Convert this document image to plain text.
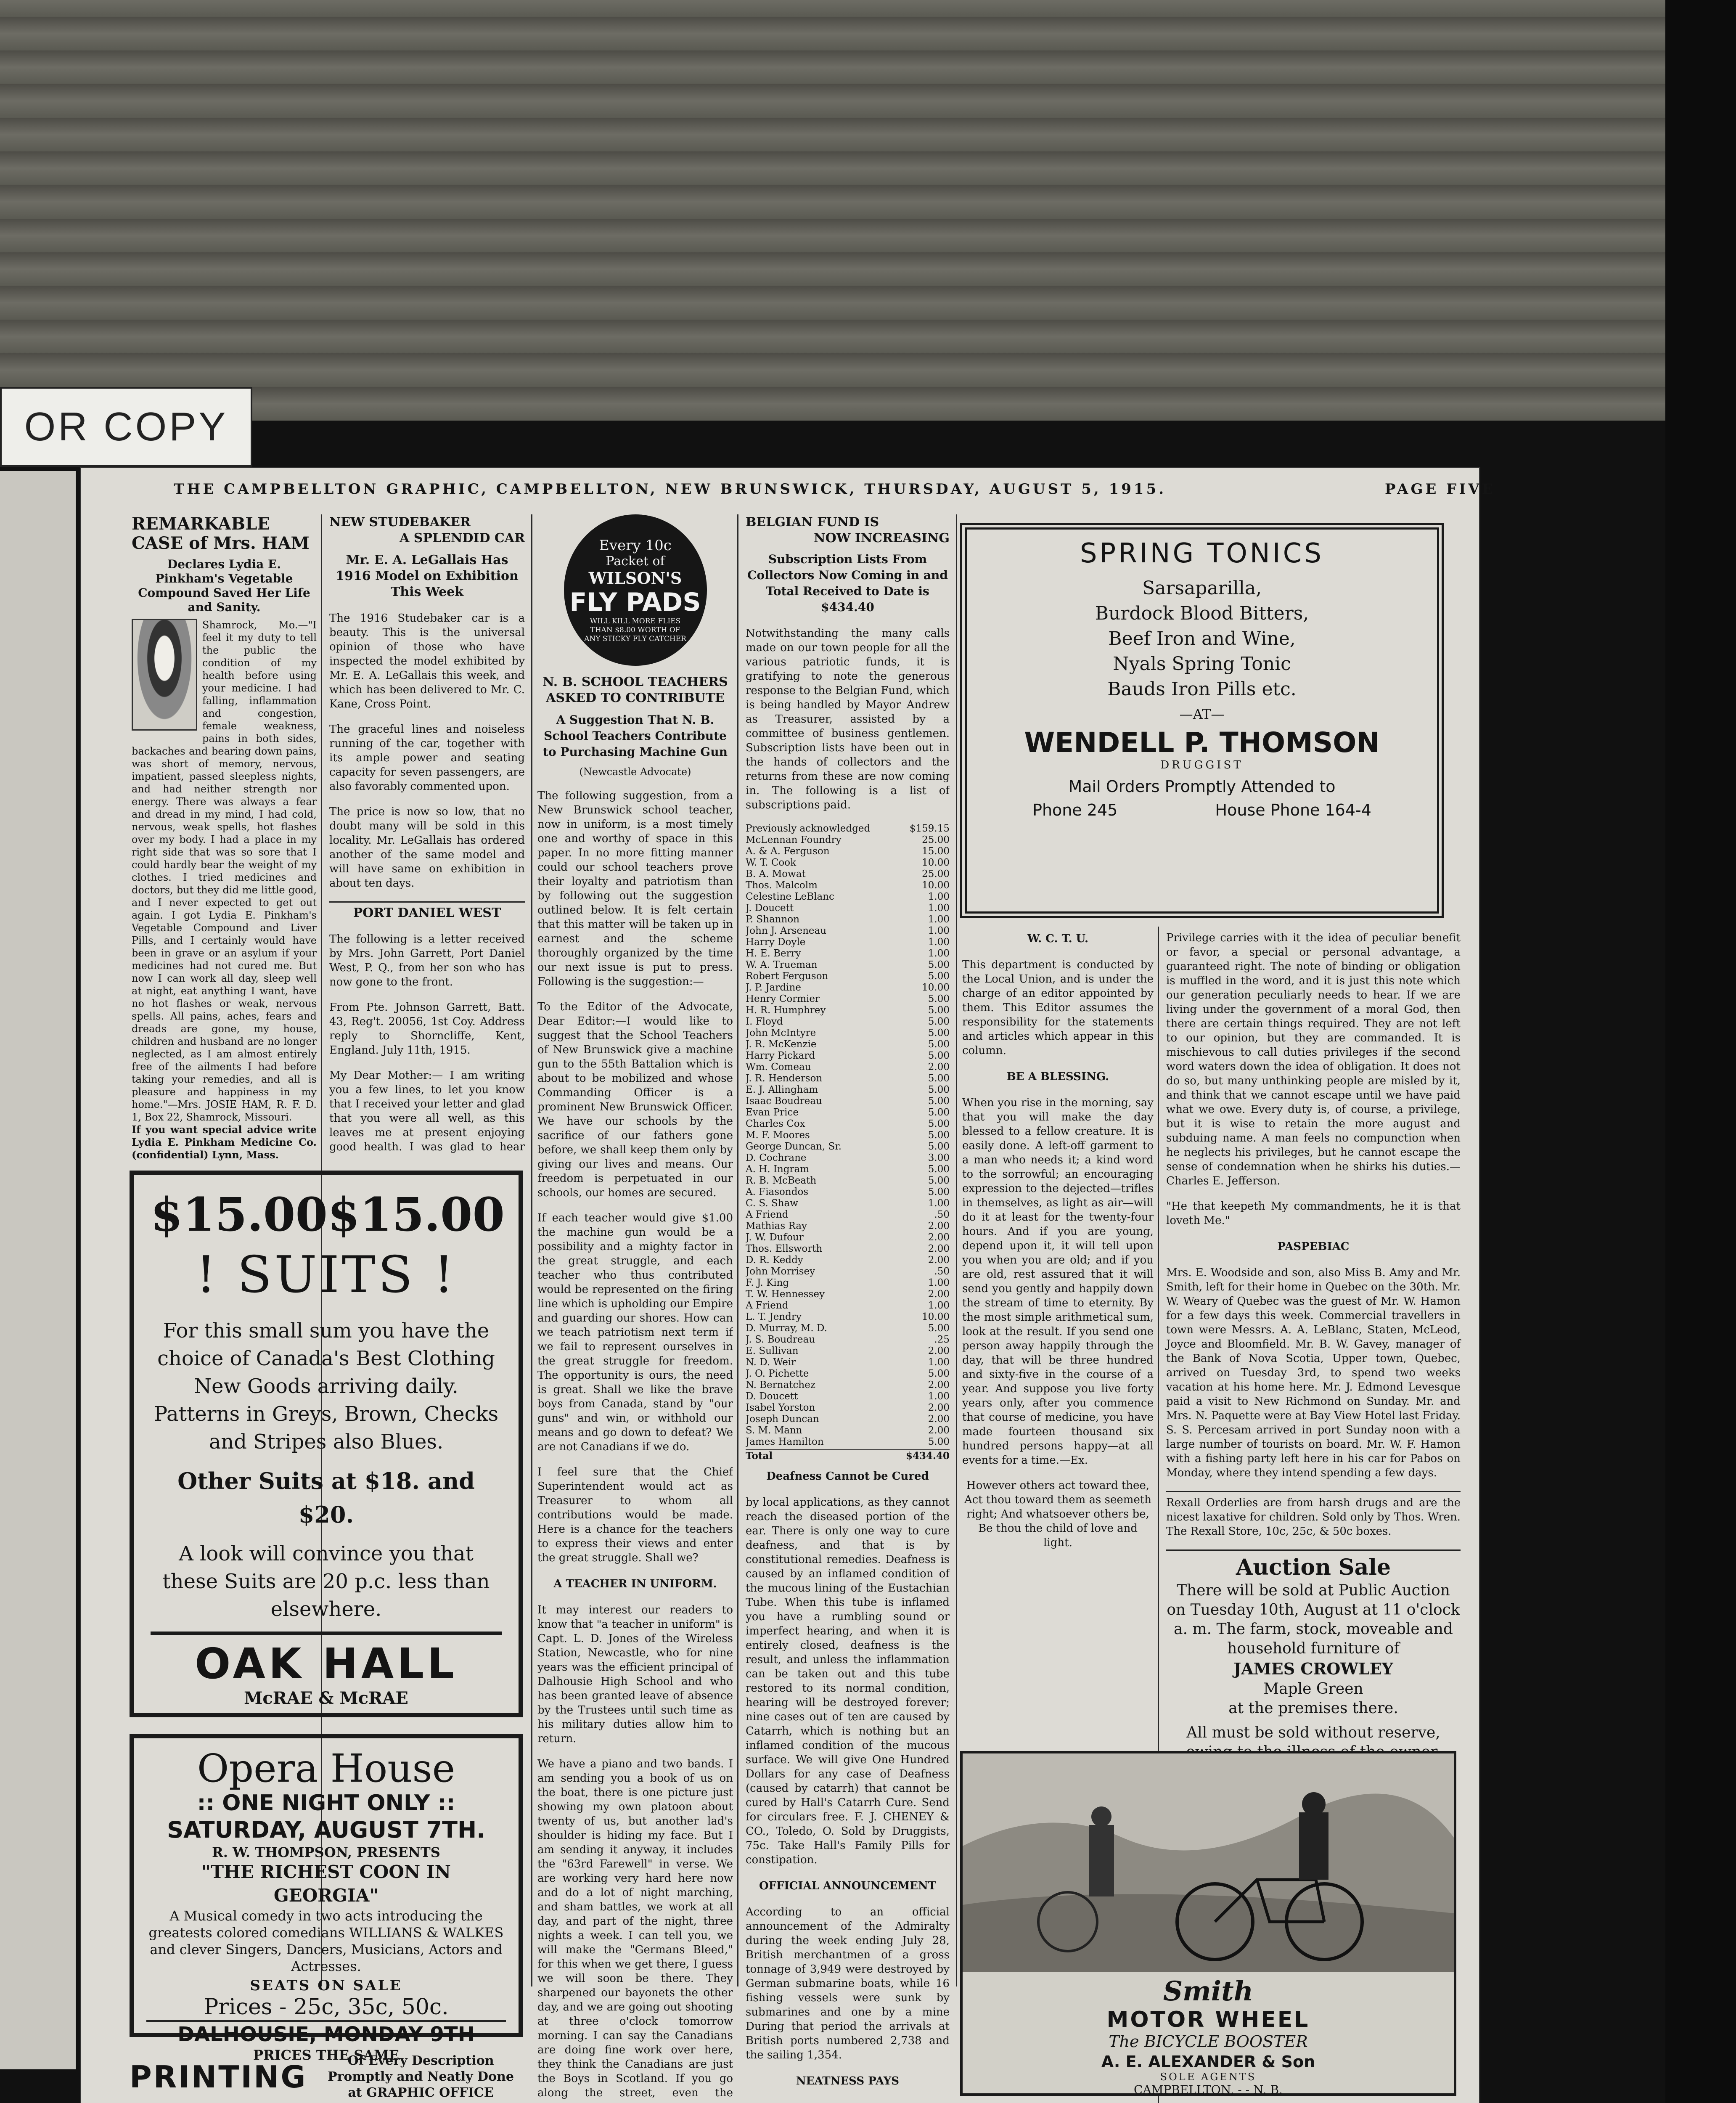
OR COPY
THE CAMPBELLTON GRAPHIC, CAMPBELLTON, NEW BRUNSWICK, THURSDAY, AUGUST 5, 1915.	PAGE FIVE
REMARKABLE
CASE of Mrs. HAM
Declares Lydia E. Pinkham's Vegetable Compound Saved Her Life and Sanity.
Shamrock, Mo.—"I feel it my duty to tell the public the condition of my health before using your medicine. I had falling, inflammation and congestion, female weakness, pains in both sides, backaches and bearing down pains, was short of memory, nervous, impatient, passed sleepless nights, and had neither strength nor energy. There was always a fear and dread in my mind, I had cold, nervous, weak spells, hot flashes over my body. I had a place in my right side that was so sore that I could hardly bear the weight of my clothes. I tried medicines and doctors, but they did me little good, and I never expected to get out again. I got Lydia E. Pinkham's Vegetable Compound and Liver Pills, and I certainly would have been in grave or an asylum if your medicines had not cured me. But now I can work all day, sleep well at night, eat anything I want, have no hot flashes or weak, nervous spells. All pains, aches, fears and dreads are gone, my house, children and husband are no longer neglected, as I am almost entirely free of the ailments I had before taking your remedies, and all is pleasure and happiness in my home."—Mrs. JOSIE HAM, R. F. D. 1, Box 22, Shamrock, Missouri.
If you want special advice write Lydia E. Pinkham Medicine Co. (confidential) Lynn, Mass.
$15.00 $15.00
! SUITS !
For this small sum you have the choice of Canada's Best Clothing
New Goods arriving daily.
Patterns in Greys, Brown, Checks and Stripes also Blues.
Other Suits at $18. and $20.
A look will convince you that these Suits are 20 p.c. less than elsewhere.
OAK HALL
McRAE & McRAE
Opera House
:: ONE NIGHT ONLY ::
SATURDAY, AUGUST 7TH.
R. W. THOMPSON, PRESENTS
"THE RICHEST COON IN GEORGIA"
A Musical comedy in two acts introducing the greatests colored comedians WILLIANS & WALKES and clever Singers, Dancers, Musicians, Actors and Actresses.
SEATS ON SALE
Prices - 25c, 35c, 50c.
DALHOUSIE, MONDAY 9TH
PRICES THE SAME
PRINTING	Of Every Description Promptly and Neatly Done at GRAPHIC OFFICE
NEW STUDEBAKER
A SPLENDID CAR
Mr. E. A. LeGallais Has 1916 Model on Exhibition This Week

The 1916 Studebaker car is a beauty. This is the universal opinion of those who have inspected the model exhibited by Mr. E. A. LeGallais this week, and which has been delivered to Mr. C. Kane, Cross Point.

The graceful lines and noiseless running of the car, together with its ample power and seating capacity for seven passengers, are also favorably commented upon.

The price is now so low, that no doubt many will be sold in this locality. Mr. LeGallais has ordered another of the same model and will have same on exhibition in about ten days.

PORT DANIEL WEST

The following is a letter received by Mrs. John Garrett, Port Daniel West, P. Q., from her son who has now gone to the front.

From Pte. Johnson Garrett, Batt. 43, Reg't. 20056, 1st Coy. Address reply to Shorncliffe, Kent, England. July 11th, 1915.

My Dear Mother:— I am writing you a few lines, to let you know that I received your letter and glad that you were all well, as this leaves me at present enjoying good health. I was glad to hear

Every 10c
Packet of
WILSON'S
FLY PADS
WILL KILL MORE FLIES THAN $8.00 WORTH OF ANY STICKY FLY CATCHER
N. B. SCHOOL TEACHERS
ASKED TO CONTRIBUTE
A Suggestion That N. B. School Teachers Contribute to Purchasing Machine Gun
(Newcastle Advocate)

The following suggestion, from a New Brunswick school teacher, now in uniform, is a most timely one and worthy of space in this paper. In no more fitting manner could our school teachers prove their loyalty and patriotism than by following out the suggestion outlined below. It is felt certain that this matter will be taken up in earnest and the scheme thoroughly organized by the time our next issue is put to press. Following is the suggestion:—

To the Editor of the Advocate, Dear Editor:—I would like to suggest that the School Teachers of New Brunswick give a machine gun to the 55th Battalion which is about to be mobilized and whose Commanding Officer is a prominent New Brunswick Officer. We have our schools by the sacrifice of our fathers gone before, we shall keep them only by giving our lives and means. Our freedom is perpetuated in our schools, our homes are secured.

If each teacher would give $1.00 the machine gun would be a possibility and a mighty factor in the great struggle, and each teacher who thus contributed would be represented on the firing line which is upholding our Empire and guarding our shores. How can we teach patriotism next term if we fail to represent ourselves in the great struggle for freedom. The opportunity is ours, the need is great. Shall we like the brave boys from Canada, stand by "our guns" and win, or withhold our means and go down to defeat? We are not Canadians if we do.

I feel sure that the Chief Superintendent would act as Treasurer to whom all contributions would be made. Here is a chance for the teachers to express their views and enter the great struggle. Shall we?

A TEACHER IN UNIFORM.

It may interest our readers to know that "a teacher in uniform" is Capt. L. D. Jones of the Wireless Station, Newcastle, who for nine years was the efficient principal of Dalhousie High School and who has been granted leave of absence by the Trustees until such time as his military duties allow him to return.

We have a piano and two bands. I am sending you a book of us on the boat, there is one picture just showing my own platoon about twenty of us, but another lad's shoulder is hiding my face. But I am sending it anyway, it includes the "63rd Farewell" in verse. We are working very hard here now and do a lot of night marching, and sham battles, we work at all day, and part of the night, three nights a week. I can tell you, we will make the "Germans Bleed," for this when we get there, I guess we will soon be there. They sharpened our bayonets the other day, and we are going out shooting at three o'clock tomorrow morning. I can say the Canadians are doing fine work over here, they think the Canadians are just the Boys in Scotland. If you go along the street, even the

BELGIAN FUND IS
NOW INCREASING
Subscription Lists From Collectors Now Coming in and Total Received to Date is $434.40

Notwithstanding the many calls made on our town people for all the various patriotic funds, it is gratifying to note the generous response to the Belgian Fund, which is being handled by Mayor Andrew as Treasurer, assisted by a committee of business gentlemen. Subscription lists have been out in the hands of collectors and the returns from these are now coming in. The following is a list of subscriptions paid.

Previously acknowledged	$159.15
McLennan Foundry	25.00
A. & A. Ferguson	15.00
W. T. Cook	10.00
B. A. Mowat	25.00
Thos. Malcolm	10.00
Celestine LeBlanc	1.00
J. Doucett	1.00
P. Shannon	1.00
John J. Arseneau	1.00
Harry Doyle	1.00
H. E. Berry	1.00
W. A. Trueman	5.00
Robert Ferguson	5.00
J. P. Jardine	10.00
Henry Cormier	5.00
H. R. Humphrey	5.00
I. Floyd	5.00
John McIntyre	5.00
J. R. McKenzie	5.00
Harry Pickard	5.00
Wm. Comeau	2.00
J. R. Henderson	5.00
E. J. Allingham	5.00
Isaac Boudreau	5.00
Evan Price	5.00
Charles Cox	5.00
M. F. Moores	5.00
George Duncan, Sr.	5.00
D. Cochrane	3.00
A. H. Ingram	5.00
R. B. McBeath	5.00
A. Fiasondos	5.00
C. S. Shaw	1.00
A Friend	.50
Mathias Ray	2.00
J. W. Dufour	2.00
Thos. Ellsworth	2.00
D. R. Keddy	2.00
John Morrisey	.50
F. J. King	1.00
T. W. Hennessey	2.00
A Friend	1.00
L. T. Jendry	10.00
D. Murray, M. D.	5.00
J. S. Boudreau	.25
E. Sullivan	2.00
N. D. Weir	1.00
J. O. Pichette	5.00
N. Bernatchez	2.00
D. Doucett	1.00
Isabel Yorston	2.00
Joseph Duncan	2.00
S. M. Mann	2.00
James Hamilton	5.00
Total	$434.40
Deafness Cannot be Cured

by local applications, as they cannot reach the diseased portion of the ear. There is only one way to cure deafness, and that is by constitutional remedies. Deafness is caused by an inflamed condition of the mucous lining of the Eustachian Tube. When this tube is inflamed you have a rumbling sound or imperfect hearing, and when it is entirely closed, deafness is the result, and unless the inflammation can be taken out and this tube restored to its normal condition, hearing will be destroyed forever; nine cases out of ten are caused by Catarrh, which is nothing but an inflamed condition of the mucous surface. We will give One Hundred Dollars for any case of Deafness (caused by catarrh) that cannot be cured by Hall's Catarrh Cure. Send for circulars free. F. J. CHENEY & CO., Toledo, O. Sold by Druggists, 75c. Take Hall's Family Pills for constipation.

OFFICIAL ANNOUNCEMENT

According to an official announcement of the Admiralty during the week ending July 28, British merchantmen of a gross tonnage of 3,949 were destroyed by German submarine boats, while 16 fishing vessels were sunk by submarines and one by a mine During that period the arrivals at British ports numbered 2,738 and the sailing 1,354.

NEATNESS PAYS

SPRING TONICS
Sarsaparilla,
Burdock Blood Bitters,
Beef Iron and Wine,
Nyals Spring Tonic
Bauds Iron Pills etc.
—AT—
WENDELL P. THOMSON
DRUGGIST
Mail Orders Promptly Attended to
Phone 245	House Phone 164-4
W. C. T. U.

This department is conducted by the Local Union, and is under the charge of an editor appointed by them. This Editor assumes the responsibility for the statements and articles which appear in this column.

BE A BLESSING.

When you rise in the morning, say that you will make the day blessed to a fellow creature. It is easily done. A left-off garment to a man who needs it; a kind word to the sorrowful; an encouraging expression to the dejected—trifles in themselves, as light as air—will do it at least for the twenty-four hours. And if you are young, depend upon it, it will tell upon you when you are old; and if you are old, rest assured that it will send you gently and happily down the stream of time to eternity. By the most simple arithmetical sum, look at the result. If you send one person away happily through the day, that will be three hundred and sixty-five in the course of a year. And suppose you live forty years only, after you commence that course of medicine, you have made fourteen thousand six hundred persons happy—at all events for a time.—Ex.

However others act toward thee, Act thou toward them as seemeth right; And whatsoever others be, Be thou the child of love and light.

Privilege carries with it the idea of peculiar benefit or favor, a special or personal advantage, a guaranteed right. The note of binding or obligation is muffled in the word, and it is just this note which our generation peculiarly needs to hear. If we are living under the government of a moral God, then there are certain things required. They are not left to our opinion, but they are commanded. It is mischievous to call duties privileges if the second word waters down the idea of obligation. It does not do so, but many unthinking people are misled by it, and think that we cannot escape until we have paid what we owe. Every duty is, of course, a privilege, but it is wise to retain the more august and subduing name. A man feels no compunction when he neglects his privileges, but he cannot escape the sense of condemnation when he shirks his duties.—Charles E. Jefferson.

"He that keepeth My commandments, he it is that loveth Me."

PASPEBIAC

Mrs. E. Woodside and son, also Miss B. Amy and Mr. Smith, left for their home in Quebec on the 30th. Mr. W. Weary of Quebec was the guest of Mr. W. Hamon for a few days this week. Commercial travellers in town were Messrs. A. A. LeBlanc, Staten, McLeod, Joyce and Bloomfield. Mr. B. W. Gavey, manager of the Bank of Nova Scotia, Upper town, Quebec, arrived on Tuesday 3rd, to spend two weeks vacation at his home here. Mr. J. Edmond Levesque paid a visit to New Richmond on Sunday. Mr. and Mrs. N. Paquette were at Bay View Hotel last Friday. S. S. Percesam arrived in port Sunday noon with a large number of tourists on board. Mr. W. F. Hamon with a fishing party left here in his car for Pabos on Monday, where they intend spending a few days.

Rexall Orderlies are from harsh drugs and are the nicest laxative for children. Sold only by Thos. Wren. The Rexall Store, 10c, 25c, & 50c boxes.

Auction Sale
There will be sold at Public Auction on Tuesday 10th, August at 11 o'clock a. m. The farm, stock, moveable and household furniture of
JAMES CROWLEY
Maple Green
at the premises there.
All must be sold without reserve,
Smith
MOTOR WHEEL
The BICYCLE BOOSTER
A. E. ALEXANDER & Son
SOLE AGENTS
CAMPBELLTON, - - N. B.
